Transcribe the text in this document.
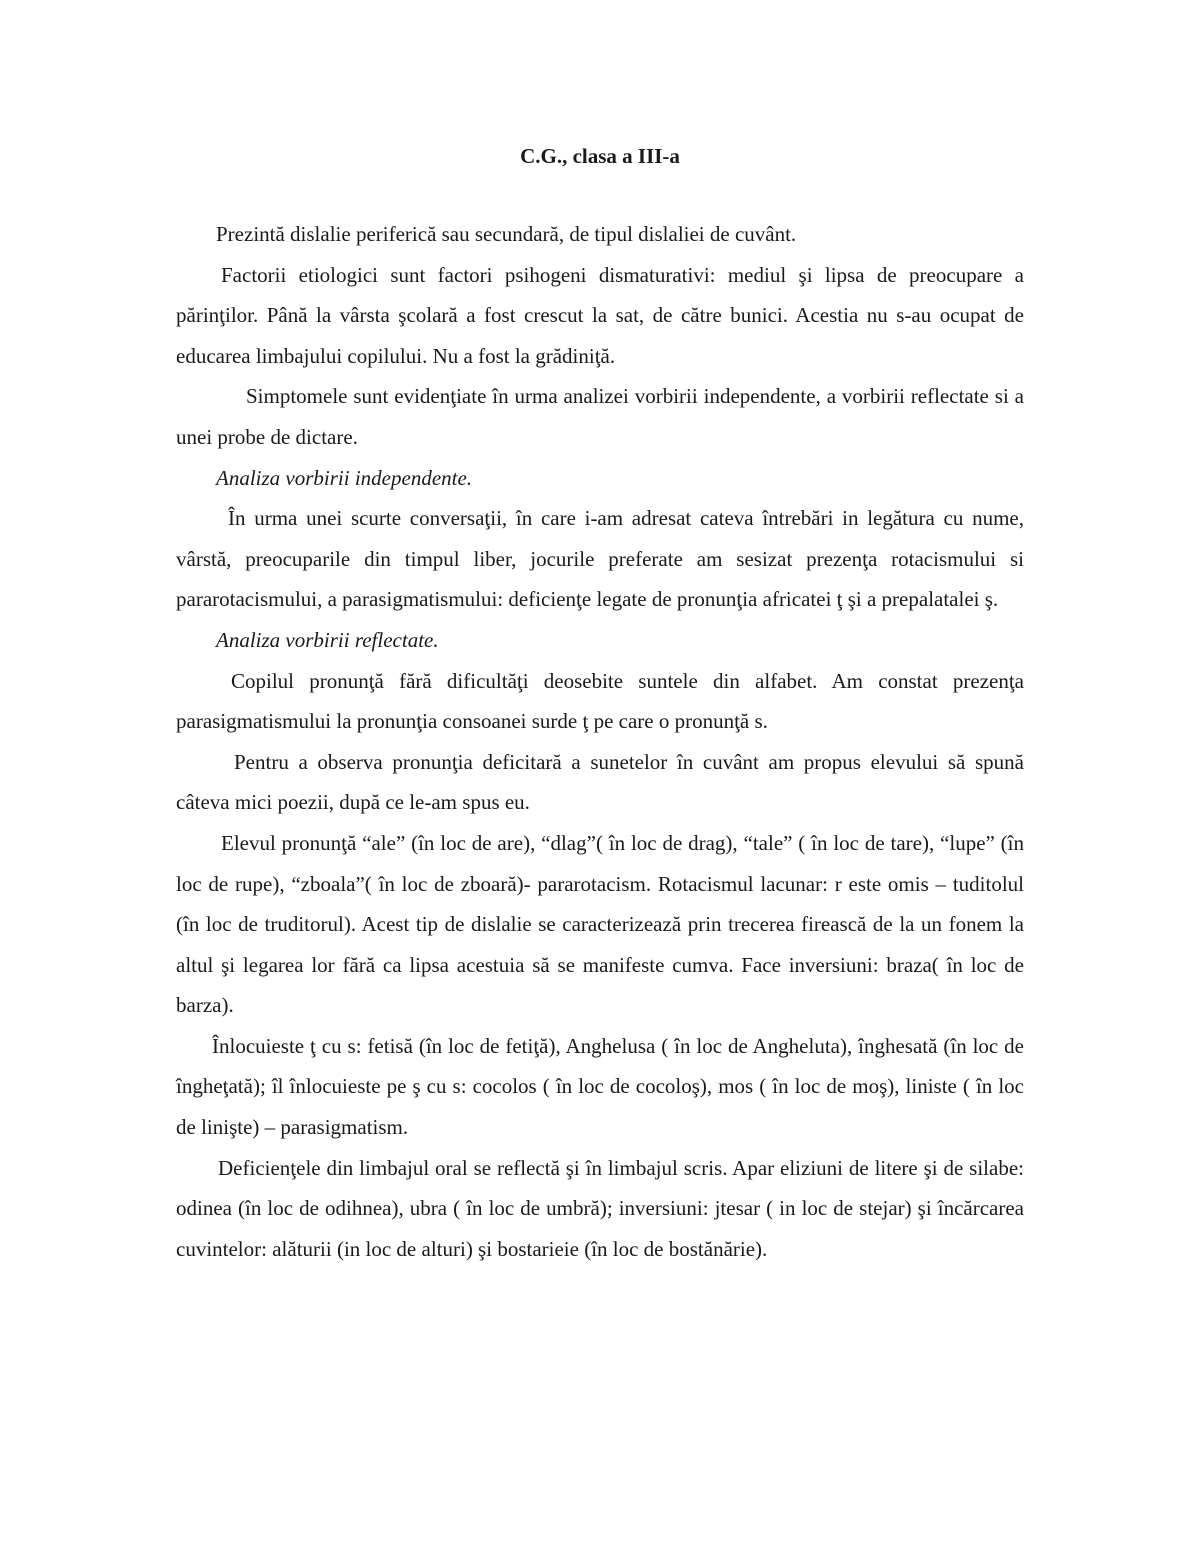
C.G., clasa a III-a

Prezintă dislalie periferică sau secundară, de tipul dislaliei de cuvânt.

Factorii etiologici sunt factori psihogeni dismaturativi: mediul şi lipsa de preocupare a părinţilor. Până la vârsta şcolară a fost crescut la sat, de către bunici. Acestia nu s-au ocupat de educarea limbajului copilului. Nu a fost la grădiniţă.

Simptomele sunt evidenţiate în urma analizei vorbirii independente, a vorbirii reflectate si a unei probe de dictare.

Analiza vorbirii independente.

În urma unei scurte conversaţii, în care i-am adresat cateva întrebări in legătura cu nume, vârstă, preocuparile din timpul liber, jocurile preferate am sesizat prezenţa rotacismului si pararotacismului, a parasigmatismului: deficienţe legate de pronunţia africatei ţ şi a prepalatalei ş.

Analiza vorbirii reflectate.

Copilul pronunţă fără dificultăţi deosebite suntele din alfabet. Am constat prezenţa parasigmatismului la pronunţia consoanei surde ţ pe care o pronunţă s.

Pentru a observa pronunţia deficitară a sunetelor în cuvânt am propus elevului să spună câteva mici poezii, după ce le-am spus eu.

Elevul pronunţă “ale” (în loc de are), “dlag”( în loc de drag), “tale” ( în loc de tare), “lupe” (în loc de rupe), “zboala”( în loc de zboară)- pararotacism. Rotacismul lacunar: r este omis – tuditolul (în loc de truditorul). Acest tip de dislalie se caracterizează prin trecerea firească de la un fonem la altul şi legarea lor fără ca lipsa acestuia să se manifeste cumva. Face inversiuni: braza( în loc de barza).

Înlocuieste ţ cu s: fetisă (în loc de fetiţă), Anghelusa ( în loc de Angheluta), înghesată (în loc de îngheţată); îl înlocuieste pe ş cu s: cocolos ( în loc de cocoloş), mos ( în loc de moş), liniste ( în loc de linişte) – parasigmatism.

Deficienţele din limbajul oral se reflectă şi în limbajul scris. Apar eliziuni de litere şi de silabe: odinea (în loc de odihnea), ubra ( în loc de umbră); inversiuni: jtesar ( in loc de stejar) şi încărcarea cuvintelor: alăturii (in loc de alturi) şi bostarieie (în loc de bostănărie).
